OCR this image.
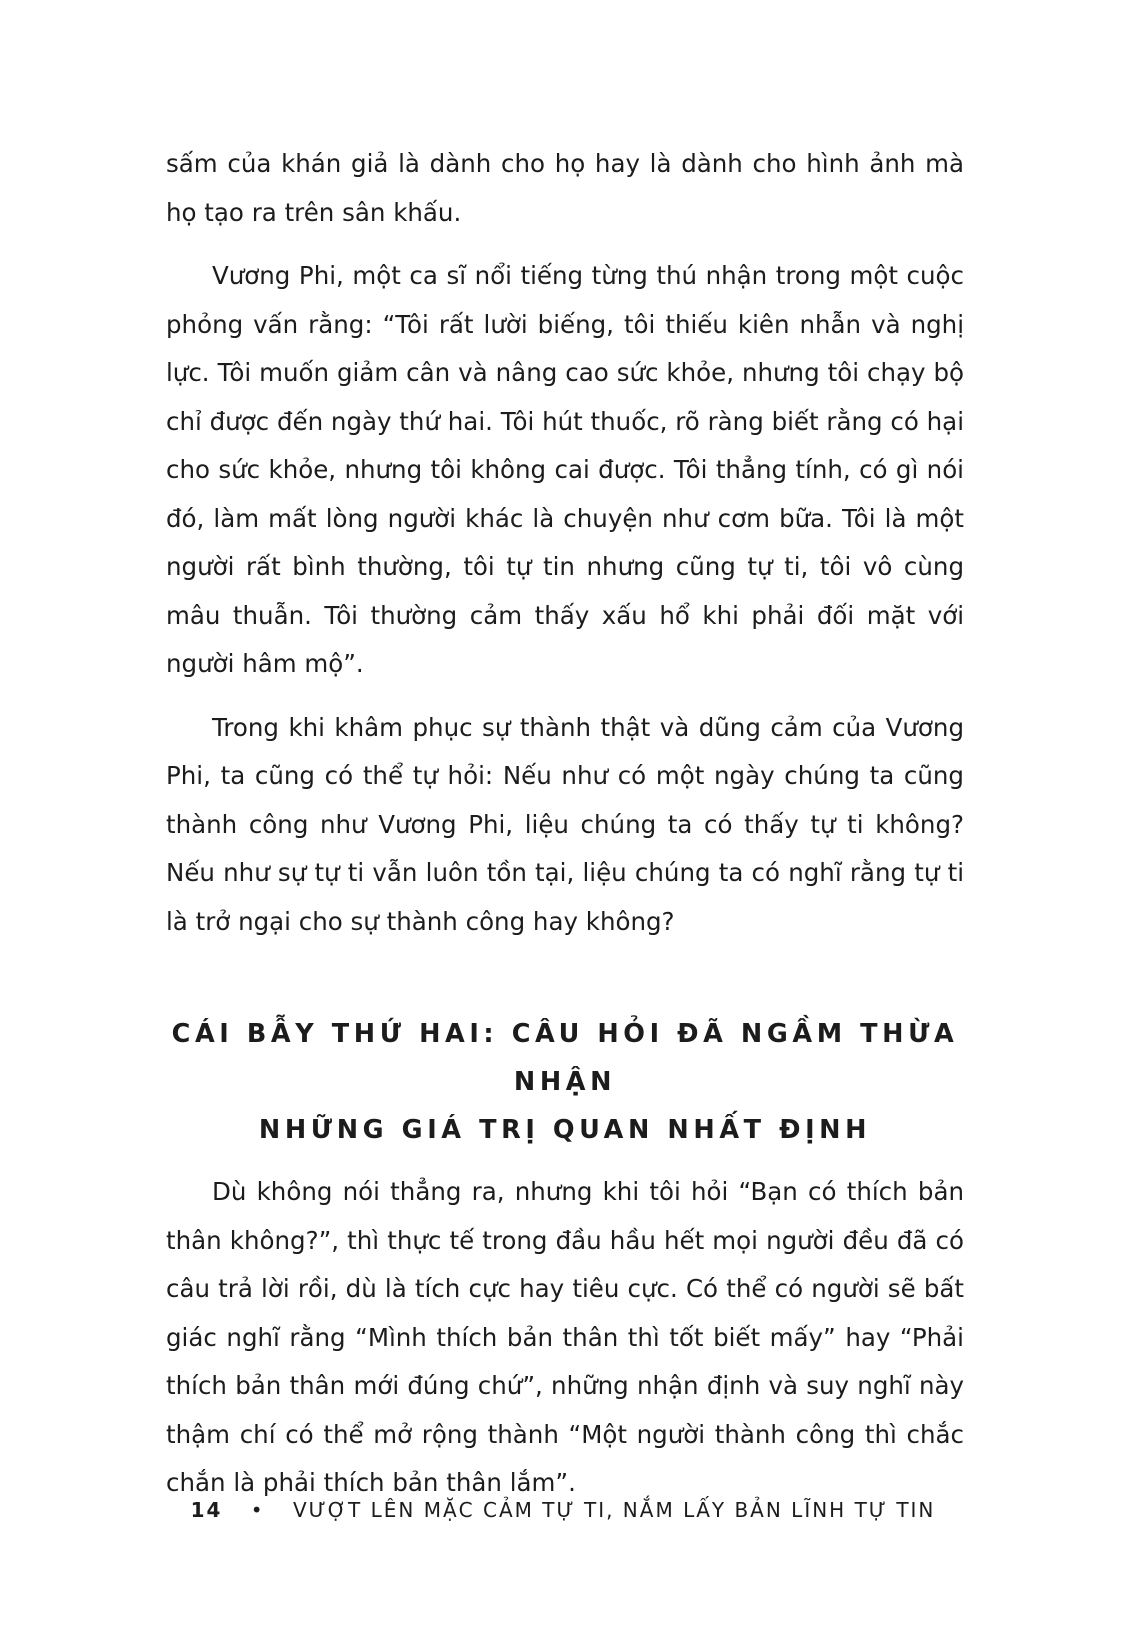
sấm của khán giả là dành cho họ hay là dành cho hình ảnh mà họ tạo ra trên sân khấu.

Vương Phi, một ca sĩ nổi tiếng từng thú nhận trong một cuộc phỏng vấn rằng: “Tôi rất lười biếng, tôi thiếu kiên nhẫn và nghị lực. Tôi muốn giảm cân và nâng cao sức khỏe, nhưng tôi chạy bộ chỉ được đến ngày thứ hai. Tôi hút thuốc, rõ ràng biết rằng có hại cho sức khỏe, nhưng tôi không cai được. Tôi thẳng tính, có gì nói đó, làm mất lòng người khác là chuyện như cơm bữa. Tôi là một người rất bình thường, tôi tự tin nhưng cũng tự ti, tôi vô cùng mâu thuẫn. Tôi thường cảm thấy xấu hổ khi phải đối mặt với người hâm mộ”.

Trong khi khâm phục sự thành thật và dũng cảm của Vương Phi, ta cũng có thể tự hỏi: Nếu như có một ngày chúng ta cũng thành công như Vương Phi, liệu chúng ta có thấy tự ti không? Nếu như sự tự ti vẫn luôn tồn tại, liệu chúng ta có nghĩ rằng tự ti là trở ngại cho sự thành công hay không?

CÁI BẪY THỨ HAI: CÂU HỎI ĐÃ NGẦM THỪA NHẬN
NHỮNG GIÁ TRỊ QUAN NHẤT ĐỊNH

Dù không nói thẳng ra, nhưng khi tôi hỏi “Bạn có thích bản thân không?”, thì thực tế trong đầu hầu hết mọi người đều đã có câu trả lời rồi, dù là tích cực hay tiêu cực. Có thể có người sẽ bất giác nghĩ rằng “Mình thích bản thân thì tốt biết mấy” hay “Phải thích bản thân mới đúng chứ”, những nhận định và suy nghĩ này thậm chí có thể mở rộng thành “Một người thành công thì chắc chắn là phải thích bản thân lắm”.

14 • VƯỢT LÊN MẶC CẢM TỰ TI, NẮM LẤY BẢN LĨNH TỰ TIN
